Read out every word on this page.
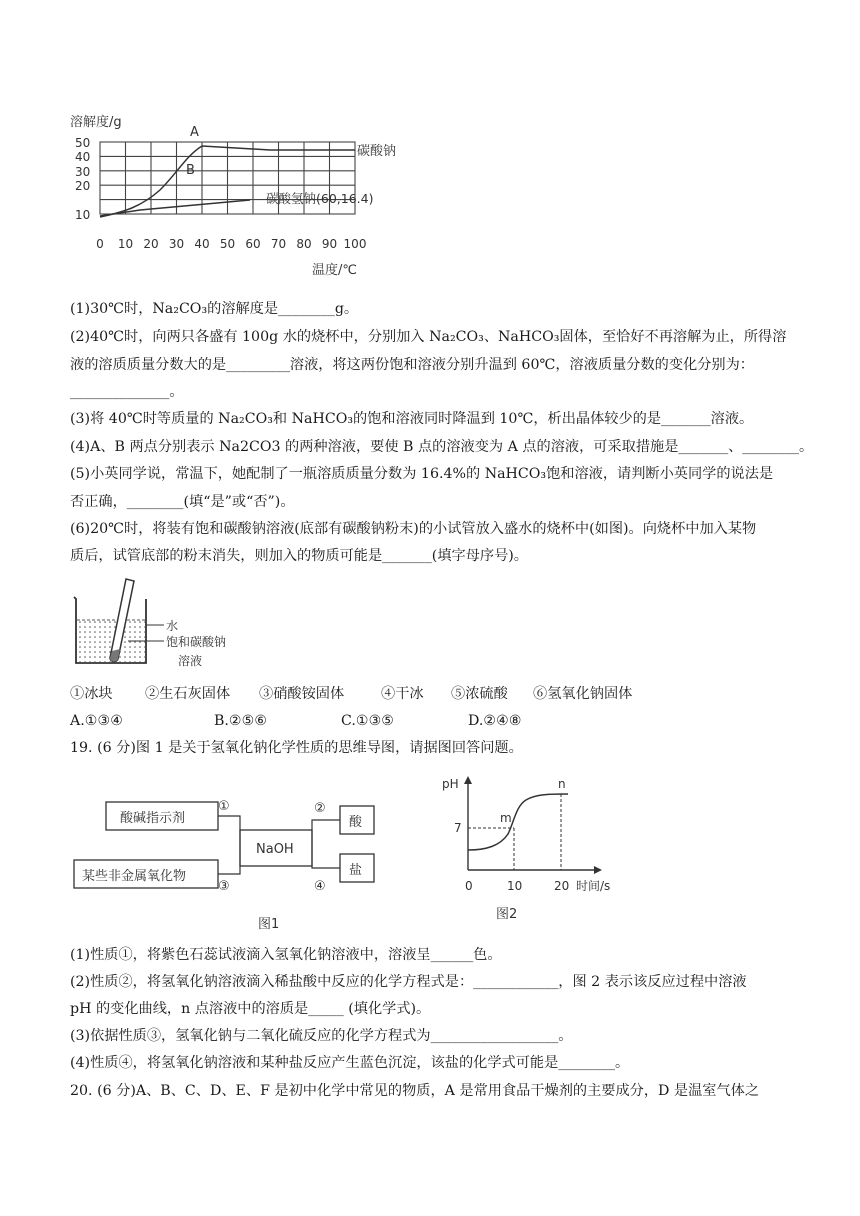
溶解度/g
50
40
30
20
10
A
B
碳酸钠
碳酸氢钠(60,16.4)
0 10 20 30 40 50 60 70 80 90 100
温度/℃
(1)30℃时，Na₂CO₃的溶解度是________g。
(2)40℃时，向两只各盛有 100g 水的烧杯中，分别加入 Na₂CO₃、NaHCO₃固体，至恰好不再溶解为止，所得溶
液的溶质质量分数大的是_________溶液，将这两份饱和溶液分别升温到 60℃，溶液质量分数的变化分别为：
______________。
(3)将 40℃时等质量的 Na₂CO₃和 NaHCO₃的饱和溶液同时降温到 10℃，析出晶体较少的是_______溶液。
(4)A、B 两点分别表示 Na2CO3 的两种溶液，要使 B 点的溶液变为 A 点的溶液，可采取措施是_______、________。
(5)小英同学说，常温下，她配制了一瓶溶质质量分数为 16.4%的 NaHCO₃饱和溶液，请判断小英同学的说法是
否正确，________(填“是”或“否”)。
(6)20℃时，将装有饱和碳酸钠溶液(底部有碳酸钠粉末)的小试管放入盛水的烧杯中(如图)。向烧杯中加入某物
质后，试管底部的粉末消失，则加入的物质可能是_______(填字母序号)。
水
饱和碳酸钠
溶液
①冰块 ②生石灰固体 ③硝酸铵固体	④干冰 ⑤浓硫酸 ⑥氢氧化钠固体
A.①③④	B.②⑤⑥	C.①③⑤	D.②④⑧
19. (6 分)图 1 是关于氢氧化钠化学性质的思维导图，请据图回答问题。
酸碱指示剂
某些非金属氧化物
NaOH
酸
盐
①
③
②
④
图1
pH
7
m
n
0	10	20 时间/s
图2
(1)性质①，将紫色石蕊试液滴入氢氧化钠溶液中，溶液呈______色。
(2)性质②，将氢氧化钠溶液滴入稀盐酸中反应的化学方程式是：____________，图 2 表示该反应过程中溶液
pH 的变化曲线，n 点溶液中的溶质是_____ (填化学式)。
(3)依据性质③，氢氧化钠与二氧化硫反应的化学方程式为__________________。
(4)性质④，将氢氧化钠溶液和某种盐反应产生蓝色沉淀，该盐的化学式可能是________。
20. (6 分)A、B、C、D、E、F 是初中化学中常见的物质，A 是常用食品干燥剂的主要成分，D 是温室气体之
